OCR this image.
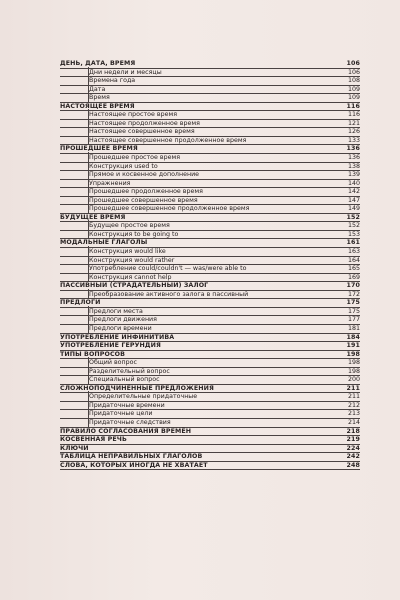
ДЕНЬ, ДАТА, ВРЕМЯ	106
Дни недели и месяцы	106
Времена года	108
Дата	109
Время	109
НАСТОЯЩЕЕ ВРЕМЯ	116
Настоящее простое время	116
Настоящее продолженное время	121
Настоящее совершенное время	126
Настоящее совершенное продолженное время	133
ПРОШЕДШЕЕ ВРЕМЯ	136
Прошедшее простое время	136
Конструкция used to	138
Прямое и косвенное дополнение	139
Упражнения	140
Прошедшее продолженное время	142
Прошедшее совершенное время	147
Прошедшее совершенное продолженное время	149
БУДУЩЕЕ ВРЕМЯ	152
Будущее простое время	152
Конструкция to be going to	153
МОДАЛЬНЫЕ ГЛАГОЛЫ	161
Конструкция would like	163
Конструкция would rather	164
Употребление could/couldn't — was/were able to	165
Конструкция cannot help	169
ПАССИВНЫЙ (СТРАДАТЕЛЬНЫЙ) ЗАЛОГ	170
Преобразование активного залога в пассивный	172
ПРЕДЛОГИ	175
Предлоги места	175
Предлоги движения	177
Предлоги времени	181
УПОТРЕБЛЕНИЕ ИНФИНИТИВА	184
УПОТРЕБЛЕНИЕ ГЕРУНДИЯ	191
ТИПЫ ВОПРОСОВ	198
Общий вопрос	198
Разделительный вопрос	198
Специальный вопрос	200
СЛОЖНОПОДЧИНЁННЫЕ ПРЕДЛОЖЕНИЯ	211
Определительные придаточные	211
Придаточные времени	212
Придаточные цели	213
Придаточные следствия	214
ПРАВИЛО СОГЛАСОВАНИЯ ВРЕМЁН	218
КОСВЕННАЯ РЕЧЬ	219
КЛЮЧИ	224
ТАБЛИЦА НЕПРАВИЛЬНЫХ ГЛАГОЛОВ	242
СЛОВА, КОТОРЫХ ИНОГДА НЕ ХВАТАЕТ	248
